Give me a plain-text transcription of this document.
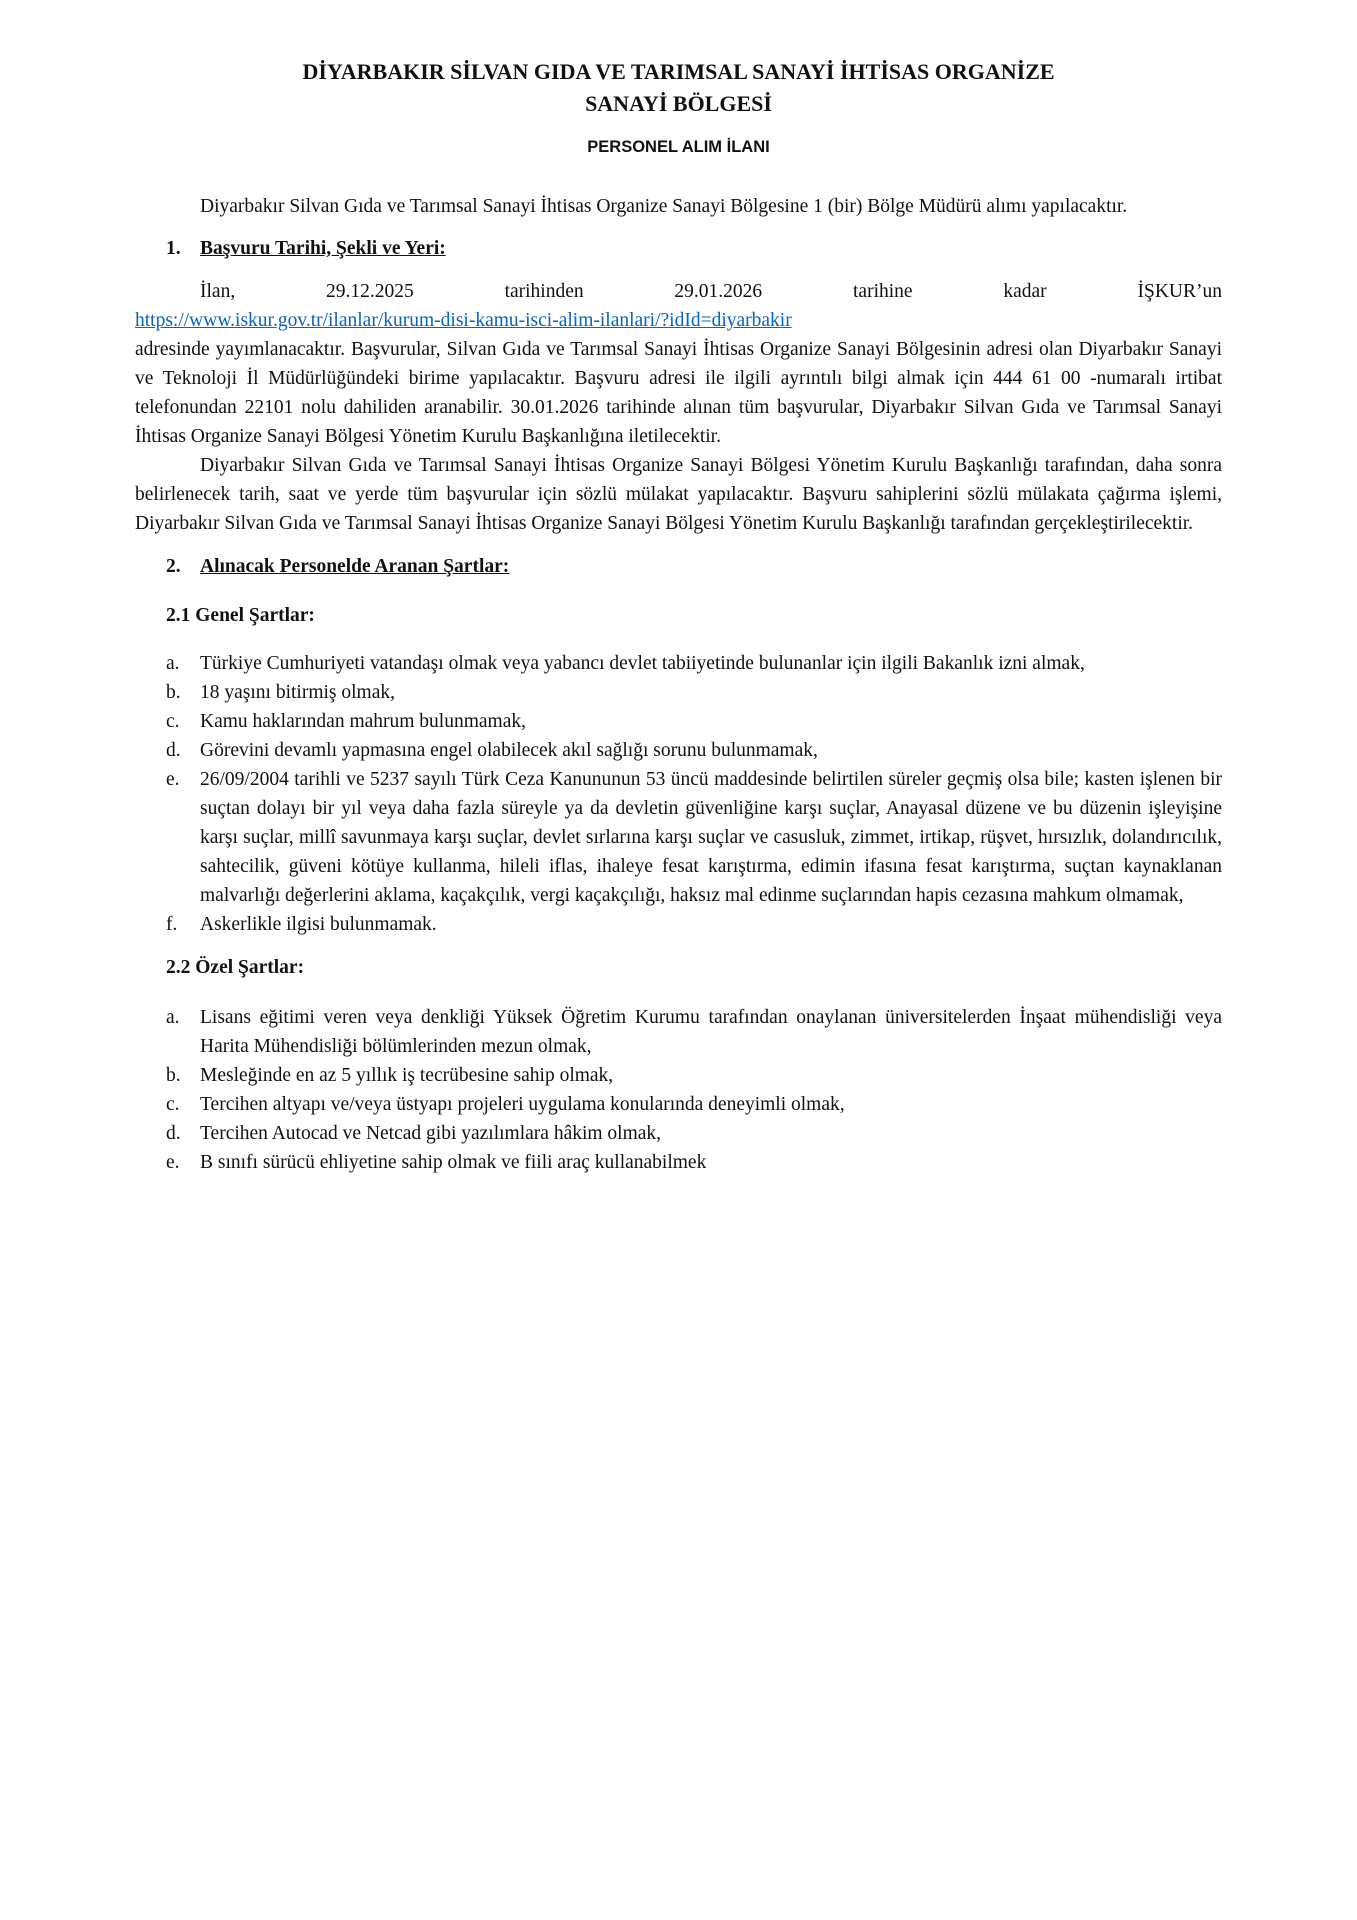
DİYARBAKIR SİLVAN GIDA VE TARIMSAL SANAYİ İHTİSAS ORGANİZE
SANAYİ BÖLGESİ
PERSONEL ALIM İLANI

Diyarbakır Silvan Gıda ve Tarımsal Sanayi İhtisas Organize Sanayi Bölgesine 1 (bir) Bölge Müdürü alımı yapılacaktır.

1. Başvuru Tarihi, Şekli ve Yeri:

İlan, 29.12.2025 tarihinden 29.01.2026 tarihine kadar İŞKUR’un https://www.iskur.gov.tr/ilanlar/kurum-disi-kamu-isci-alim-ilanlari/?idId=diyarbakir
adresinde yayımlanacaktır. Başvurular, Silvan Gıda ve Tarımsal Sanayi İhtisas Organize Sanayi Bölgesinin adresi olan Diyarbakır Sanayi ve Teknoloji İl Müdürlüğündeki birime yapılacaktır. Başvuru adresi ile ilgili ayrıntılı bilgi almak için 444 61 00 -numaralı irtibat telefonundan 22101 nolu dahiliden aranabilir. 30.01.2026 tarihinde alınan tüm başvurular, Diyarbakır Silvan Gıda ve Tarımsal Sanayi İhtisas Organize Sanayi Bölgesi Yönetim Kurulu Başkanlığına iletilecektir.

Diyarbakır Silvan Gıda ve Tarımsal Sanayi İhtisas Organize Sanayi Bölgesi Yönetim Kurulu Başkanlığı tarafından, daha sonra belirlenecek tarih, saat ve yerde tüm başvurular için sözlü mülakat yapılacaktır. Başvuru sahiplerini sözlü mülakata çağırma işlemi, Diyarbakır Silvan Gıda ve Tarımsal Sanayi İhtisas Organize Sanayi Bölgesi Yönetim Kurulu Başkanlığı tarafından gerçekleştirilecektir.

2. Alınacak Personelde Aranan Şartlar:
2.1 Genel Şartlar:
a.	Türkiye Cumhuriyeti vatandaşı olmak veya yabancı devlet tabiiyetinde bulunanlar için ilgili Bakanlık izni almak,
b. 18 yaşını bitirmiş olmak,
c.	Kamu haklarından mahrum bulunmamak,
d. Görevini devamlı yapmasına engel olabilecek akıl sağlığı sorunu bulunmamak,
e.	26/09/2004 tarihli ve 5237 sayılı Türk Ceza Kanununun 53 üncü maddesinde belirtilen süreler geçmiş olsa bile; kasten işlenen bir suçtan dolayı bir yıl veya daha fazla süreyle ya da devletin güvenliğine karşı suçlar, Anayasal düzene ve bu düzenin işleyişine karşı suçlar, millî savunmaya karşı suçlar, devlet sırlarına karşı suçlar ve casusluk, zimmet, irtikap, rüşvet, hırsızlık, dolandırıcılık, sahtecilik, güveni kötüye kullanma, hileli iflas, ihaleye fesat karıştırma, edimin ifasına fesat karıştırma, suçtan kaynaklanan malvarlığı değerlerini aklama, kaçakçılık, vergi kaçakçılığı, haksız mal edinme suçlarından hapis cezasına mahkum olmamak,
f.	Askerlikle ilgisi bulunmamak.
2.2 Özel Şartlar:
a.	Lisans eğitimi veren veya denkliği Yüksek Öğretim Kurumu tarafından onaylanan üniversitelerden İnşaat mühendisliği veya Harita Mühendisliği bölümlerinden mezun olmak,
b. Mesleğinde en az 5 yıllık iş tecrübesine sahip olmak,
c.	Tercihen altyapı ve/veya üstyapı projeleri uygulama konularında deneyimli olmak,
d. Tercihen Autocad ve Netcad gibi yazılımlara hâkim olmak,
e.	B sınıfı sürücü ehliyetine sahip olmak ve fiili araç kullanabilmek
